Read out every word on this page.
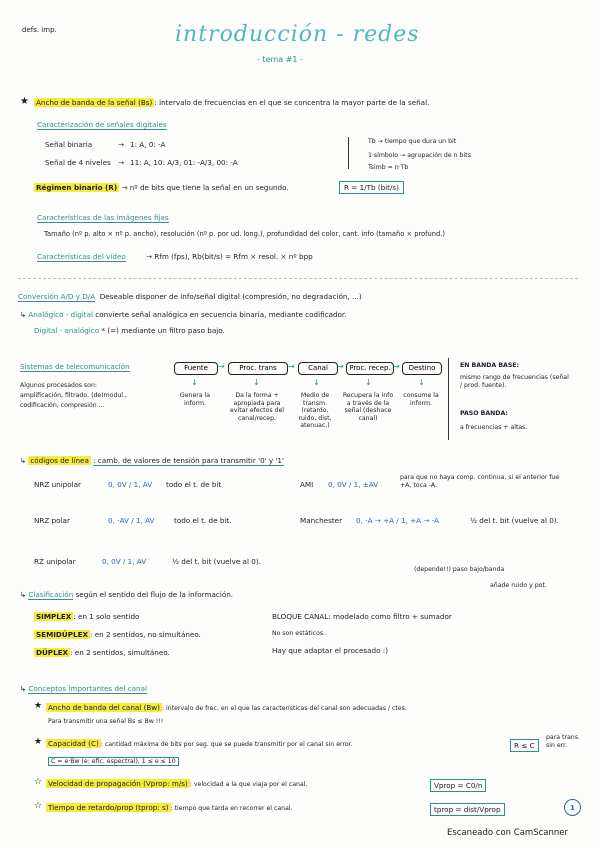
defs. imp.	introducción - redes
- tema #1 -
★ Ancho de banda de la señal (Bs) : intervalo de frecuencias en el que se concentra la mayor parte de la señal.
Caracterización de señales digitales
Señal binaria	→ 1: A, 0: -A
Señal de 4 niveles → 11: A, 10: A/3, 01: -A/3, 00: -A
Tb → tiempo que dura un bit
1 símbolo → agrupación de n bits
Tsimb = n·Tb
Régimen binario (R) → nº de bits que tiene la señal en un segundo.	R = 1/Tb (bit/s)
Características de las imágenes fijas
Tamaño (nº p. alto × nº p. ancho), resolución (nº p. por ud. long.), profundidad del color, cant. info (tamaño × profund.)
Características del vídeo	→ Rfm (fps), Rb(bit/s) = Rfm × resol. × nº bpp
Conversión A/D y D/A Deseable disponer de info/señal digital (compresión, no degradación, ...)
↳ Analógico - digital convierte señal analógica en secuencia binaria, mediante codificador.
Digital - analógico * (=) mediante un filtro paso bajo.
Sistemas de telecomunicación
Algunos procesados son:
amplificación, filtrado, (de)modul.,
codificación, compresión ...
Fuente	Proc. trans	Canal	Proc. recep.	Destino
→	→	→	→
↓	↓	↓	↓	↓
Genera la inform.
Da la forma + apropiada para evitar efectos del canal/recep.
Medio de transm. (retardo, ruido, dist, atenuac.)
Recupera la info a través de la señal (deshace canal)
consume la inform.
EN BANDA BASE:
mismo rango de frecuencias (señal / prod. fuente).
PASO BANDA:
a frecuencias + altas.
↳ códigos de línea : camb. de valores de tensión para transmitir '0' y '1'
NRZ unipolar	0, 0V / 1, AV todo el t. de bit	AMI 0, 0V / 1, ±AV
para que no haya comp. continua, si el anterior fue +A, toca -A.
NRZ polar	0, -AV / 1, AV	todo el t. de bit.	Manchester 0, -A → +A / 1, +A → -A	½ del t. bit (vuelve al 0).
RZ unipolar	0, 0V / 1, AV	½ del t. bit (vuelve al 0).
(depende!!) paso bajo/banda
añade ruido y pot.
↳ Clasificación según el sentido del flujo de la información.
SIMPLEX : en 1 solo sentido
SEMIDÚPLEX : en 2 sentidos, no simultáneo.
DÚPLEX : en 2 sentidos, simultáneo.
BLOQUE CANAL: modelado como filtro + sumador
No son estáticos.
Hay que adaptar el procesado :)
↳ Conceptos importantes del canal
★ Ancho de banda del canal (Bw) : intervalo de frec. en el que las características del canal son adecuadas / ctes.
Para transmitir una señal Bs ≤ Bw !!!
★ Capacidad (C) : cantidad máxima de bits por seg. que se puede transmitir por el canal sin error.
C = e·Bw (e: efic. espectral), 1 ≤ e ≤ 10
R ≤ C
para trans. sin err.
☆ Velocidad de propagación (Vprop: m/s) : velocidad a la que viaja por el canal.	Vprop = C0/n
☆ Tiempo de retardo/prop (tprop: s) : tiempo que tarda en recorrer el canal.	tprop = dist/Vprop	1
Escaneado con CamScanner
